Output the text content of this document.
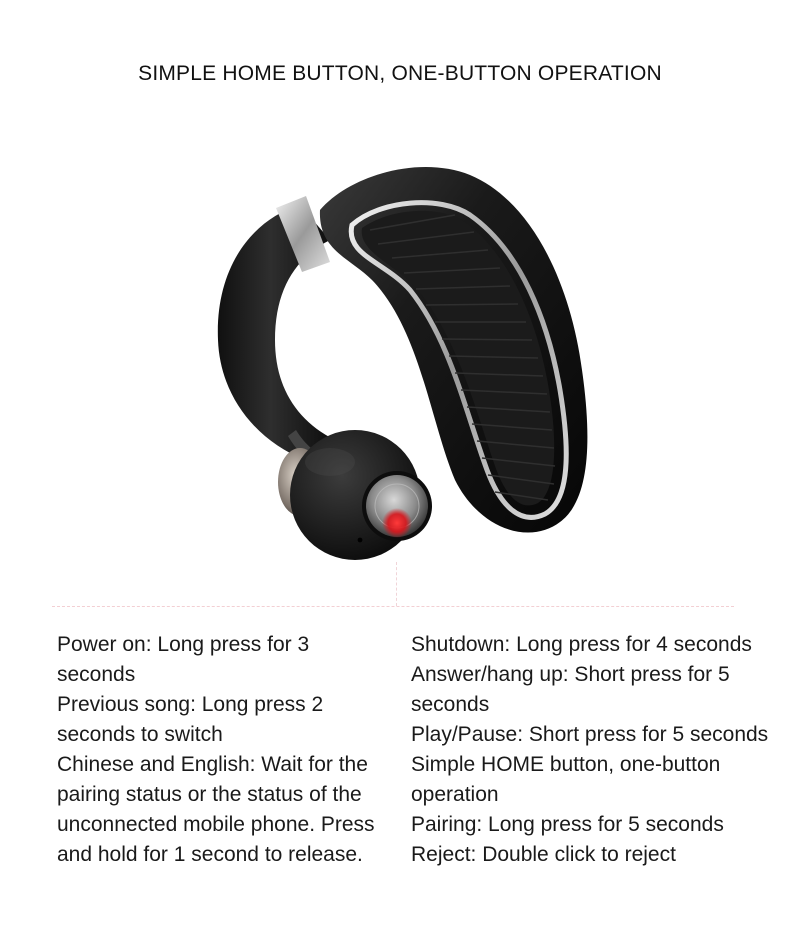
SIMPLE HOME BUTTON, ONE-BUTTON OPERATION

Power on: Long press for 3 seconds

Previous song: Long press 2 seconds to switch

Chinese and English: Wait for the pairing status or the status of the unconnected mobile phone. Press and hold for 1 second to release.

Shutdown: Long press for 4 seconds

Answer/hang up: Short press for 5 seconds

Play/Pause: Short press for 5 seconds

Simple HOME button, one-button operation

Pairing: Long press for 5 seconds

Reject: Double click to reject
